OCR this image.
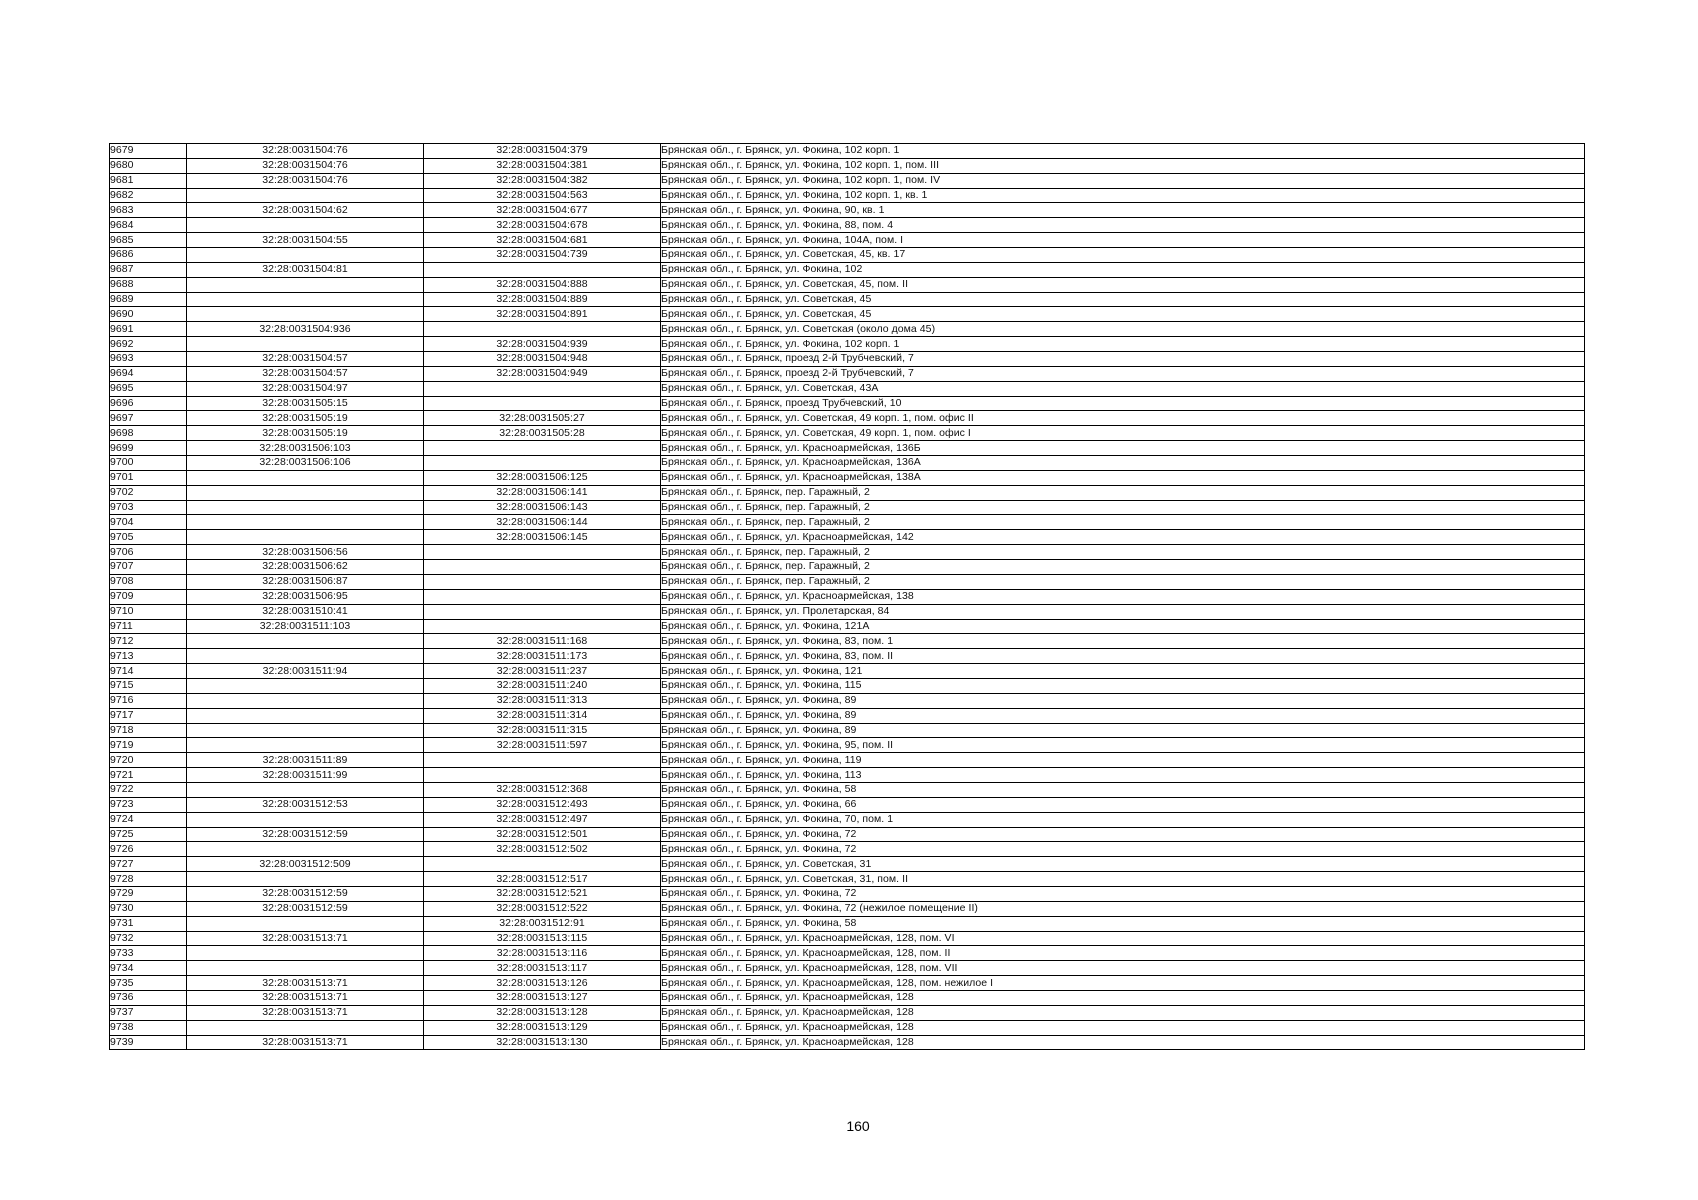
9679	32:28:0031504:76	32:28:0031504:379	Брянская обл., г. Брянск, ул. Фокина, 102 корп. 1
9680	32:28:0031504:76	32:28:0031504:381	Брянская обл., г. Брянск, ул. Фокина, 102 корп. 1, пом. III
9681	32:28:0031504:76	32:28:0031504:382	Брянская обл., г. Брянск, ул. Фокина, 102 корп. 1, пом. IV
9682		32:28:0031504:563	Брянская обл., г. Брянск, ул. Фокина, 102 корп. 1, кв. 1
9683	32:28:0031504:62	32:28:0031504:677	Брянская обл., г. Брянск, ул. Фокина, 90, кв. 1
9684		32:28:0031504:678	Брянская обл., г. Брянск, ул. Фокина, 88, пом. 4
9685	32:28:0031504:55	32:28:0031504:681	Брянская обл., г. Брянск, ул. Фокина, 104А, пом. I
9686		32:28:0031504:739	Брянская обл., г. Брянск, ул. Советская, 45, кв. 17
9687	32:28:0031504:81		Брянская обл., г. Брянск, ул. Фокина, 102
9688		32:28:0031504:888	Брянская обл., г. Брянск, ул. Советская, 45, пом. II
9689		32:28:0031504:889	Брянская обл., г. Брянск, ул. Советская, 45
9690		32:28:0031504:891	Брянская обл., г. Брянск, ул. Советская, 45
9691	32:28:0031504:936		Брянская обл., г. Брянск, ул. Советская (около дома 45)
9692		32:28:0031504:939	Брянская обл., г. Брянск, ул. Фокина, 102 корп. 1
9693	32:28:0031504:57	32:28:0031504:948	Брянская обл., г. Брянск, проезд 2-й Трубчевский, 7
9694	32:28:0031504:57	32:28:0031504:949	Брянская обл., г. Брянск, проезд 2-й Трубчевский, 7
9695	32:28:0031504:97		Брянская обл., г. Брянск, ул. Советская, 43А
9696	32:28:0031505:15		Брянская обл., г. Брянск, проезд Трубчевский, 10
9697	32:28:0031505:19	32:28:0031505:27	Брянская обл., г. Брянск, ул. Советская, 49 корп. 1, пом. офис II
9698	32:28:0031505:19	32:28:0031505:28	Брянская обл., г. Брянск, ул. Советская, 49 корп. 1, пом. офис I
9699	32:28:0031506:103		Брянская обл., г. Брянск, ул. Красноармейская, 136Б
9700	32:28:0031506:106		Брянская обл., г. Брянск, ул. Красноармейская, 136А
9701		32:28:0031506:125	Брянская обл., г. Брянск, ул. Красноармейская, 138А
9702		32:28:0031506:141	Брянская обл., г. Брянск, пер. Гаражный, 2
9703		32:28:0031506:143	Брянская обл., г. Брянск, пер. Гаражный, 2
9704		32:28:0031506:144	Брянская обл., г. Брянск, пер. Гаражный, 2
9705		32:28:0031506:145	Брянская обл., г. Брянск, ул. Красноармейская, 142
9706	32:28:0031506:56		Брянская обл., г. Брянск, пер. Гаражный, 2
9707	32:28:0031506:62		Брянская обл., г. Брянск, пер. Гаражный, 2
9708	32:28:0031506:87		Брянская обл., г. Брянск, пер. Гаражный, 2
9709	32:28:0031506:95		Брянская обл., г. Брянск, ул. Красноармейская, 138
9710	32:28:0031510:41		Брянская обл., г. Брянск, ул. Пролетарская, 84
9711	32:28:0031511:103		Брянская обл., г. Брянск, ул. Фокина, 121А
9712		32:28:0031511:168	Брянская обл., г. Брянск, ул. Фокина, 83, пом. 1
9713		32:28:0031511:173	Брянская обл., г. Брянск, ул. Фокина, 83, пом. II
9714	32:28:0031511:94	32:28:0031511:237	Брянская обл., г. Брянск, ул. Фокина, 121
9715		32:28:0031511:240	Брянская обл., г. Брянск, ул. Фокина, 115
9716		32:28:0031511:313	Брянская обл., г. Брянск, ул. Фокина, 89
9717		32:28:0031511:314	Брянская обл., г. Брянск, ул. Фокина, 89
9718		32:28:0031511:315	Брянская обл., г. Брянск, ул. Фокина, 89
9719		32:28:0031511:597	Брянская обл., г. Брянск, ул. Фокина, 95, пом. II
9720	32:28:0031511:89		Брянская обл., г. Брянск, ул. Фокина, 119
9721	32:28:0031511:99		Брянская обл., г. Брянск, ул. Фокина, 113
9722		32:28:0031512:368	Брянская обл., г. Брянск, ул. Фокина, 58
9723	32:28:0031512:53	32:28:0031512:493	Брянская обл., г. Брянск, ул. Фокина, 66
9724		32:28:0031512:497	Брянская обл., г. Брянск, ул. Фокина, 70, пом. 1
9725	32:28:0031512:59	32:28:0031512:501	Брянская обл., г. Брянск, ул. Фокина, 72
9726		32:28:0031512:502	Брянская обл., г. Брянск, ул. Фокина, 72
9727	32:28:0031512:509		Брянская обл., г. Брянск, ул. Советская, 31
9728		32:28:0031512:517	Брянская обл., г. Брянск, ул. Советская, 31, пом. II
9729	32:28:0031512:59	32:28:0031512:521	Брянская обл., г. Брянск, ул. Фокина, 72
9730	32:28:0031512:59	32:28:0031512:522	Брянская обл., г. Брянск, ул. Фокина, 72 (нежилое помещение II)
9731		32:28:0031512:91	Брянская обл., г. Брянск, ул. Фокина, 58
9732	32:28:0031513:71	32:28:0031513:115	Брянская обл., г. Брянск, ул. Красноармейская, 128, пом. VI
9733		32:28:0031513:116	Брянская обл., г. Брянск, ул. Красноармейская, 128, пом. II
9734		32:28:0031513:117	Брянская обл., г. Брянск, ул. Красноармейская, 128, пом. VII
9735	32:28:0031513:71	32:28:0031513:126	Брянская обл., г. Брянск, ул. Красноармейская, 128, пом. нежилое I
9736	32:28:0031513:71	32:28:0031513:127	Брянская обл., г. Брянск, ул. Красноармейская, 128
9737	32:28:0031513:71	32:28:0031513:128	Брянская обл., г. Брянск, ул. Красноармейская, 128
9738		32:28:0031513:129	Брянская обл., г. Брянск, ул. Красноармейская, 128
9739	32:28:0031513:71	32:28:0031513:130	Брянская обл., г. Брянск, ул. Красноармейская, 128
160
